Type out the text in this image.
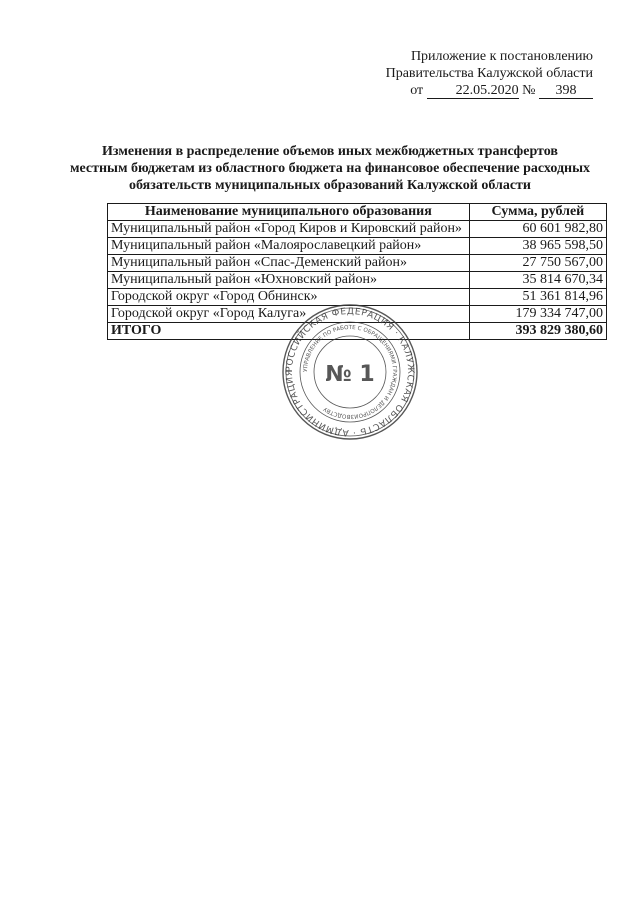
Приложение к постановлению
Правительства Калужской области
от 22.05.2020 № 398
Изменения в распределение объемов иных межбюджетных трансфертов
местным бюджетам из областного бюджета на финансовое обеспечение расходных
обязательств муниципальных образований Калужской области
Наименование муниципального образования	Сумма, рублей
Муниципальный район «Город Киров и Кировский район»	60 601 982,80
Муниципальный район «Малоярославецкий район»	38 965 598,50
Муниципальный район «Спас-Деменский район»	27 750 567,00
Муниципальный район «Юхновский район»	35 814 670,34
Городской округ «Город Обнинск»	51 361 814,96
Городской округ «Город Калуга»	179 334 747,00
ИТОГО	393 829 380,60
РОССИЙСКАЯ ФЕДЕРАЦИЯ · КАЛУЖСКАЯ ОБЛАСТЬ · АДМИНИСТРАЦИЯ	УПРАВЛЕНИЕ ПО РАБОТЕ С ОБРАЩЕНИЯМИ ГРАЖДАН И ДЕЛОПРОИЗВОДСТВУ
№ 1
